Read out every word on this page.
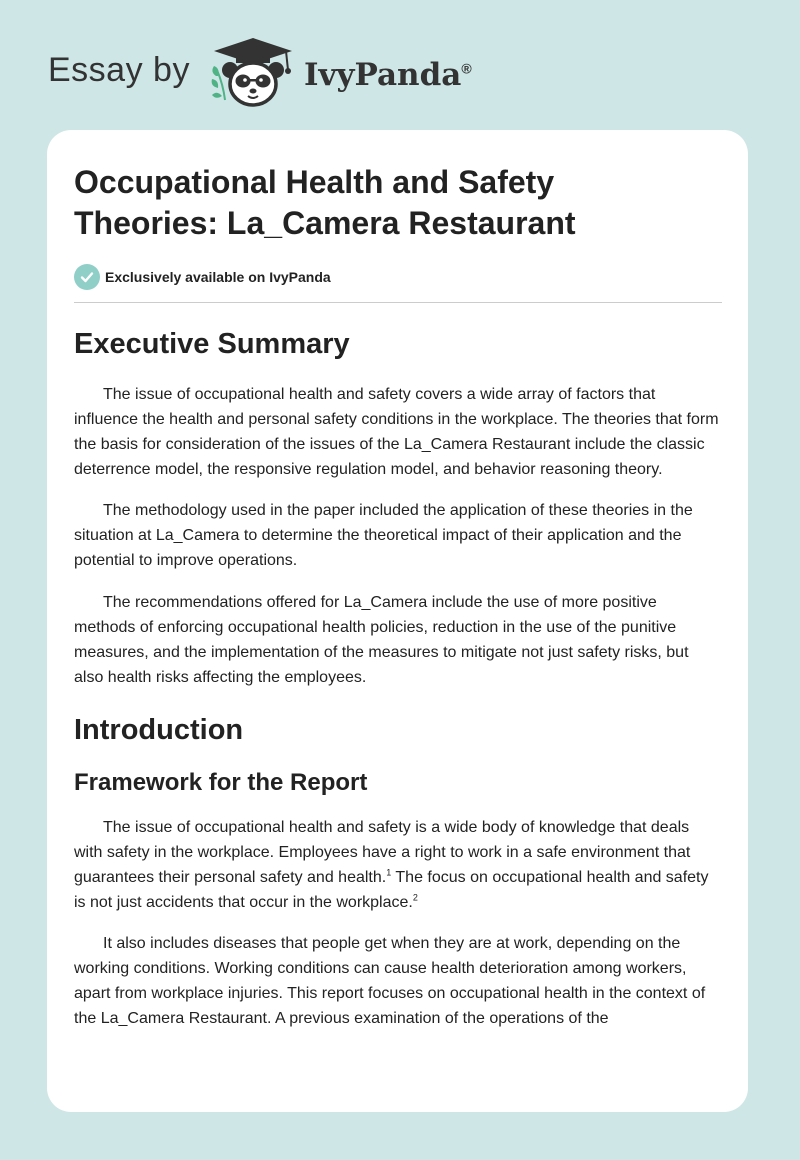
Essay by	IvyPanda®
Occupational Health and Safety
Theories: La_Camera Restaurant
Exclusively available on IvyPanda
Executive Summary

The issue of occupational health and safety covers a wide array of factors that influence the health and personal safety conditions in the workplace. The theories that form the basis for consideration of the issues of the La_Camera Restaurant include the classic deterrence model, the responsive regulation model, and behavior reasoning theory.

The methodology used in the paper included the application of these theories in the situation at La_Camera to determine the theoretical impact of their application and the potential to improve operations.

The recommendations offered for La_Camera include the use of more positive methods of enforcing occupational health policies, reduction in the use of the punitive measures, and the implementation of the measures to mitigate not just safety risks, but also health risks affecting the employees.

Introduction
Framework for the Report

The issue of occupational health and safety is a wide body of knowledge that deals with safety in the workplace. Employees have a right to work in a safe environment that guarantees their personal safety and health.$^1$ The focus on occupational health and safety is not just accidents that occur in the workplace.$^2$

It also includes diseases that people get when they are at work, depending on the working conditions. Working conditions can cause health deterioration among workers, apart from workplace injuries. This report focuses on occupational health in the context of the La_Camera Restaurant. A previous examination of the operations of the
